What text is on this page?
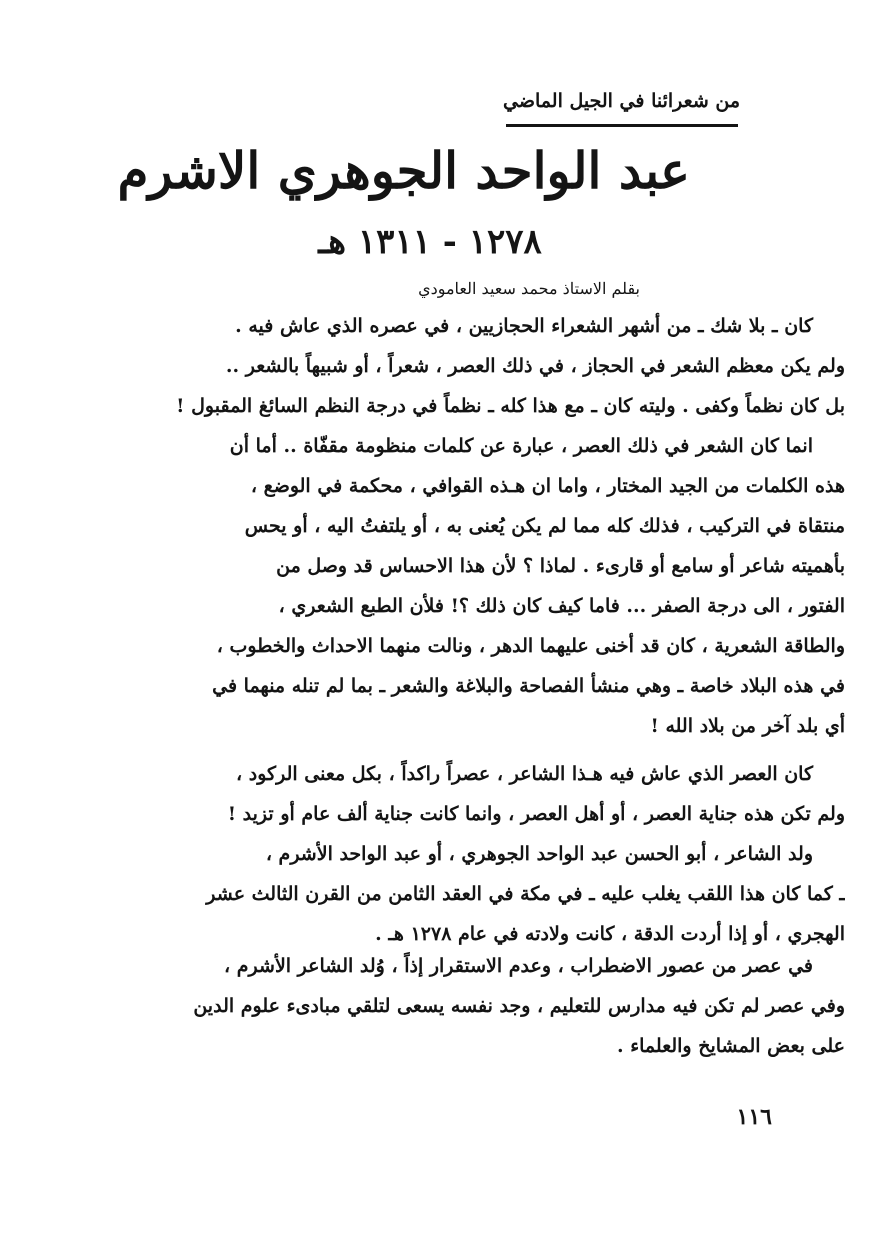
من شعرائنا في الجيل الماضي
عبد الواحد الجوهري الاشرم
١٢٧٨ - ١٣١١ هـ
بقلم الاستاذ محمد سعيد العامودي

كان ـ بلا شك ـ من أشهر الشعراء الحجازيين ، في عصره الذي عاش فيه .
ولم يكن معظم الشعر في الحجاز ، في ذلك العصر ، شعراً ، أو شبيهاً بالشعر ..
بل كان نظماً وكفى . وليته كان ـ مع هذا كله ـ نظماً في درجة النظم السائغ المقبول !
انما كان الشعر في ذلك العصر ، عبارة عن كلمات منظومة مقفّاة .. أما أن
هذه الكلمات من الجيد المختار ، واما ان هـذه القوافي ، محكمة في الوضع ،
منتقاة في التركيب ، فذلك كله مما لم يكن يُعنى به ، أو يلتفتُ اليه ، أو يحس
بأهميته شاعر أو سامع أو قارىء . لماذا ؟ لأن هذا الاحساس قد وصل من
الفتور ، الى درجة الصفر ... فاما كيف كان ذلك ؟! فلأن الطبع الشعري ،
والطاقة الشعرية ، كان قد أخنى عليهما الدهر ، ونالت منهما الاحداث والخطوب ،
في هذه البلاد خاصة ـ وهي منشأ الفصاحة والبلاغة والشعر ـ بما لم تنله منهما في
أي بلد آخر من بلاد الله !

كان العصر الذي عاش فيه هـذا الشاعر ، عصراً راكداً ، بكل معنى الركود ،
ولم تكن هذه جناية العصر ، أو أهل العصر ، وانما كانت جناية ألف عام أو تزيد !
ولد الشاعر ، أبو الحسن عبد الواحد الجوهري ، أو عبد الواحد الأشرم ،
ـ كما كان هذا اللقب يغلب عليه ـ في مكة في العقد الثامن من القرن الثالث عشر
الهجري ، أو إذا أردت الدقة ، كانت ولادته في عام ١٢٧٨ هـ .

في عصر من عصور الاضطراب ، وعدم الاستقرار إذاً ، وُلد الشاعر الأشرم ،
وفي عصر لم تكن فيه مدارس للتعليم ، وجد نفسه يسعى لتلقي مبادىء علوم الدين
على بعض المشايخ والعلماء .

١١٦
